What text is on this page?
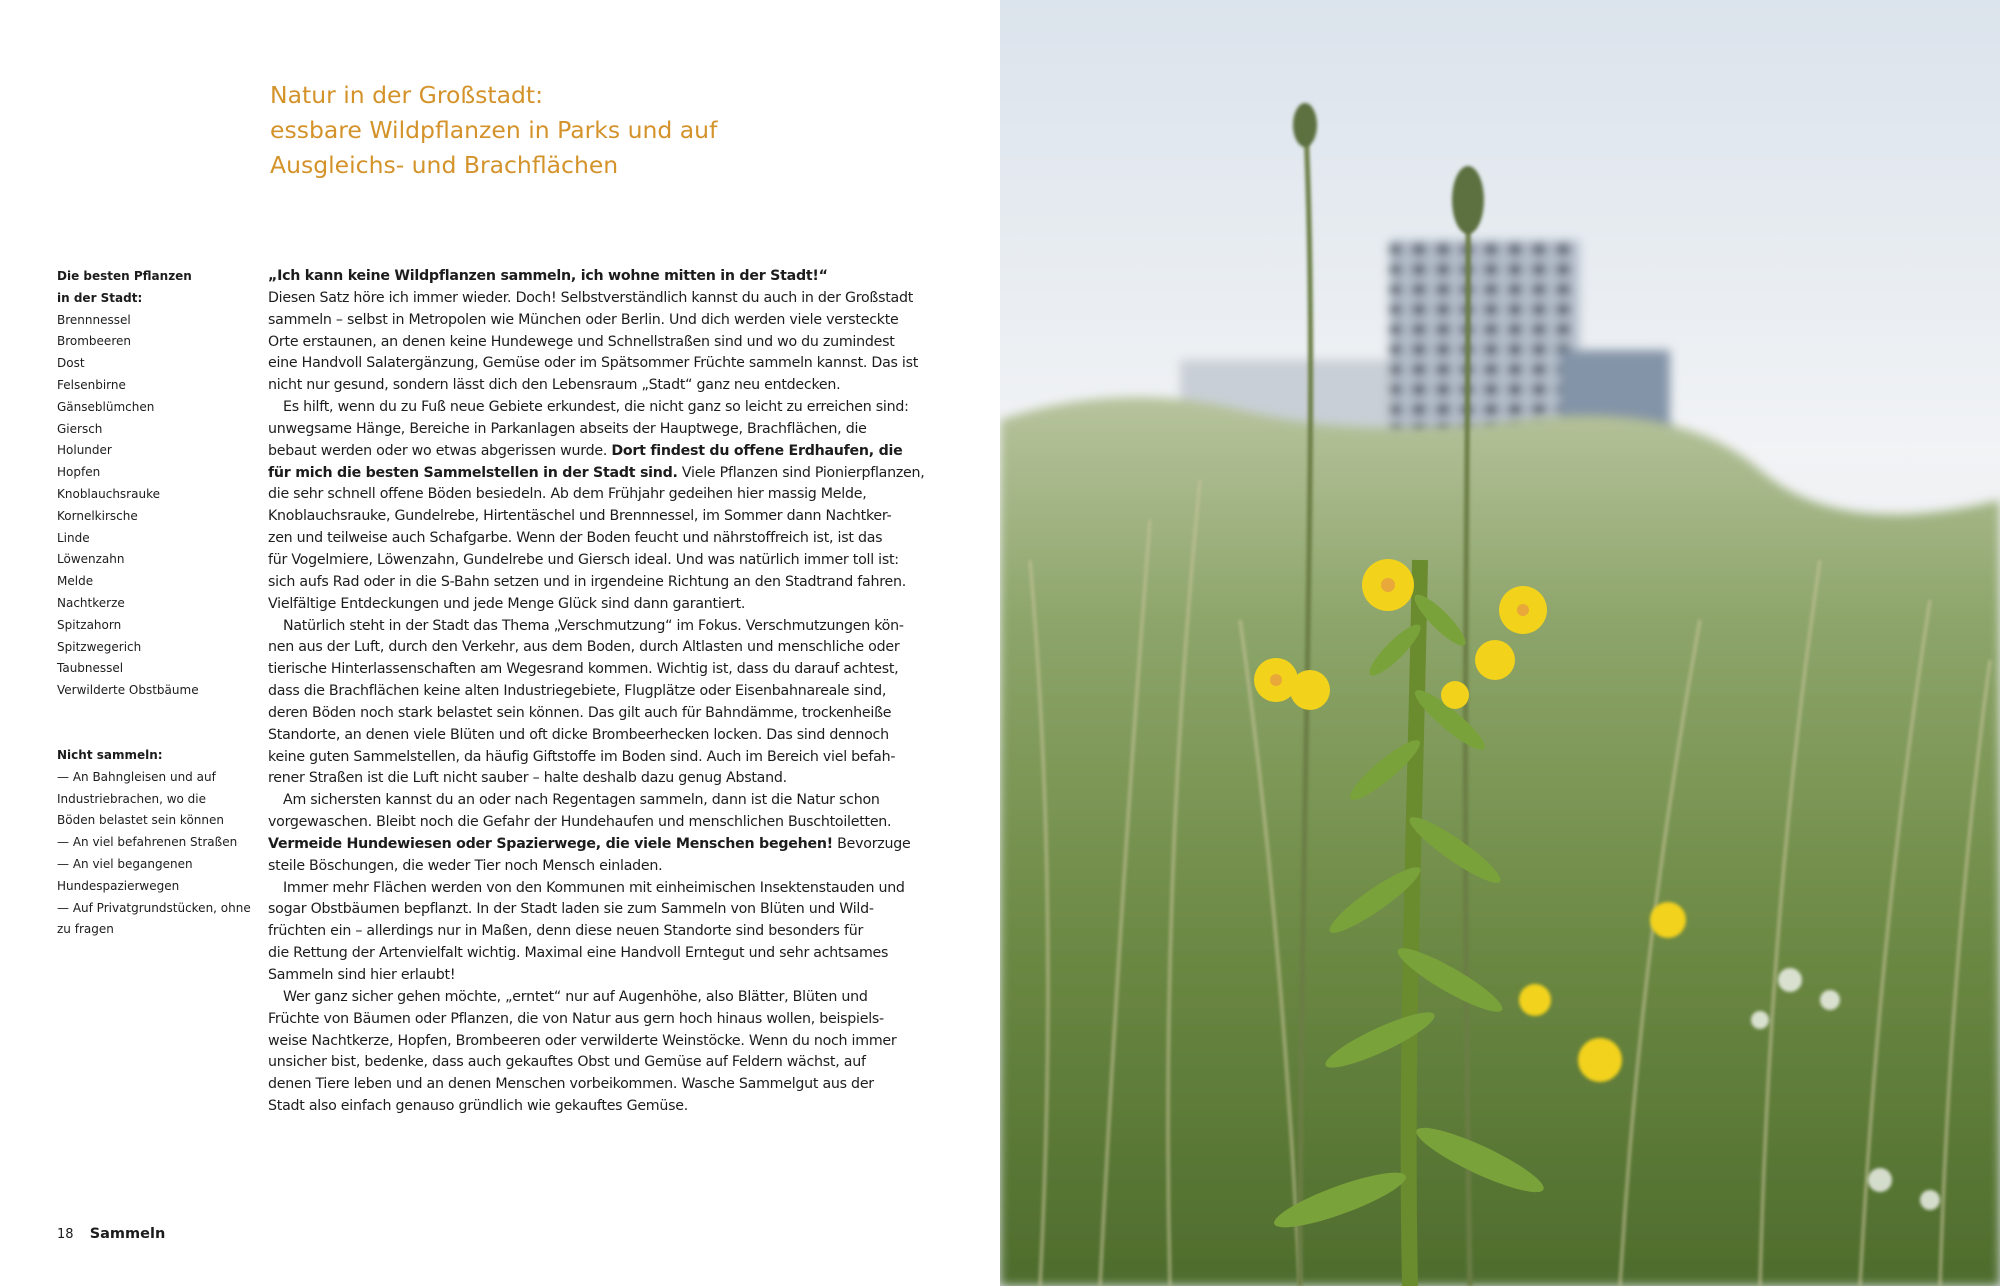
Natur in der Großstadt:
essbare Wildpflanzen in Parks und auf
Ausgleichs- und Brachflächen
Die besten Pflanzen
in der Stadt:
Brennnessel
Brombeeren
Dost
Felsenbirne
Gänseblümchen
Giersch
Holunder
Hopfen
Knoblauchsrauke
Kornelkirsche
Linde
Löwenzahn
Melde
Nachtkerze
Spitzahorn
Spitzwegerich
Taubnessel
Verwilderte Obstbäume
Nicht sammeln:
— An Bahngleisen und auf
Industriebrachen, wo die
Böden belastet sein können
— An viel befahrenen Straßen
— An viel begangenen
Hundespazierwegen
— Auf Privatgrundstücken, ohne
zu fragen
„Ich kann keine Wildpflanzen sammeln, ich wohne mitten in der Stadt!“
Diesen Satz höre ich immer wieder. Doch! Selbstverständlich kannst du auch in der Großstadt
sammeln – selbst in Metropolen wie München oder Berlin. Und dich werden viele versteckte
Orte erstaunen, an denen keine Hundewege und Schnellstraßen sind und wo du zumindest
eine Handvoll Salatergänzung, Gemüse oder im Spätsommer Früchte sammeln kannst. Das ist
nicht nur gesund, sondern lässt dich den Lebensraum „Stadt“ ganz neu entdecken.
Es hilft, wenn du zu Fuß neue Gebiete erkundest, die nicht ganz so leicht zu erreichen sind:
unwegsame Hänge, Bereiche in Parkanlagen abseits der Hauptwege, Brachflächen, die
bebaut werden oder wo etwas abgerissen wurde. Dort findest du offene Erdhaufen, die
für mich die besten Sammelstellen in der Stadt sind. Viele Pflanzen sind Pionierpflanzen,
die sehr schnell offene Böden besiedeln. Ab dem Frühjahr gedeihen hier massig Melde,
Knoblauchsrauke, Gundelrebe, Hirtentäschel und Brennnessel, im Sommer dann Nachtker-
zen und teilweise auch Schafgarbe. Wenn der Boden feucht und nährstoffreich ist, ist das
für Vogelmiere, Löwenzahn, Gundelrebe und Giersch ideal. Und was natürlich immer toll ist:
sich aufs Rad oder in die S-Bahn setzen und in irgendeine Richtung an den Stadtrand fahren.
Vielfältige Entdeckungen und jede Menge Glück sind dann garantiert.
Natürlich steht in der Stadt das Thema „Verschmutzung“ im Fokus. Verschmutzungen kön-
nen aus der Luft, durch den Verkehr, aus dem Boden, durch Altlasten und menschliche oder
tierische Hinterlassenschaften am Wegesrand kommen. Wichtig ist, dass du darauf achtest,
dass die Brachflächen keine alten Industriegebiete, Flugplätze oder Eisenbahnareale sind,
deren Böden noch stark belastet sein können. Das gilt auch für Bahndämme, trockenheiße
Standorte, an denen viele Blüten und oft dicke Brombeerhecken locken. Das sind dennoch
keine guten Sammelstellen, da häufig Giftstoffe im Boden sind. Auch im Bereich viel befah-
rener Straßen ist die Luft nicht sauber – halte deshalb dazu genug Abstand.
Am sichersten kannst du an oder nach Regentagen sammeln, dann ist die Natur schon
vorgewaschen. Bleibt noch die Gefahr der Hundehaufen und menschlichen Buschtoiletten.
Vermeide Hundewiesen oder Spazierwege, die viele Menschen begehen! Bevorzuge
steile Böschungen, die weder Tier noch Mensch einladen.
Immer mehr Flächen werden von den Kommunen mit einheimischen Insektenstauden und
sogar Obstbäumen bepflanzt. In der Stadt laden sie zum Sammeln von Blüten und Wild-
früchten ein – allerdings nur in Maßen, denn diese neuen Standorte sind besonders für
die Rettung der Artenvielfalt wichtig. Maximal eine Handvoll Erntegut und sehr achtsames
Sammeln sind hier erlaubt!
Wer ganz sicher gehen möchte, „erntet“ nur auf Augenhöhe, also Blätter, Blüten und
Früchte von Bäumen oder Pflanzen, die von Natur aus gern hoch hinaus wollen, beispiels-
weise Nachtkerze, Hopfen, Brombeeren oder verwilderte Weinstöcke. Wenn du noch immer
unsicher bist, bedenke, dass auch gekauftes Obst und Gemüse auf Feldern wächst, auf
denen Tiere leben und an denen Menschen vorbeikommen. Wasche Sammelgut aus der
Stadt also einfach genauso gründlich wie gekauftes Gemüse.
18 Sammeln
